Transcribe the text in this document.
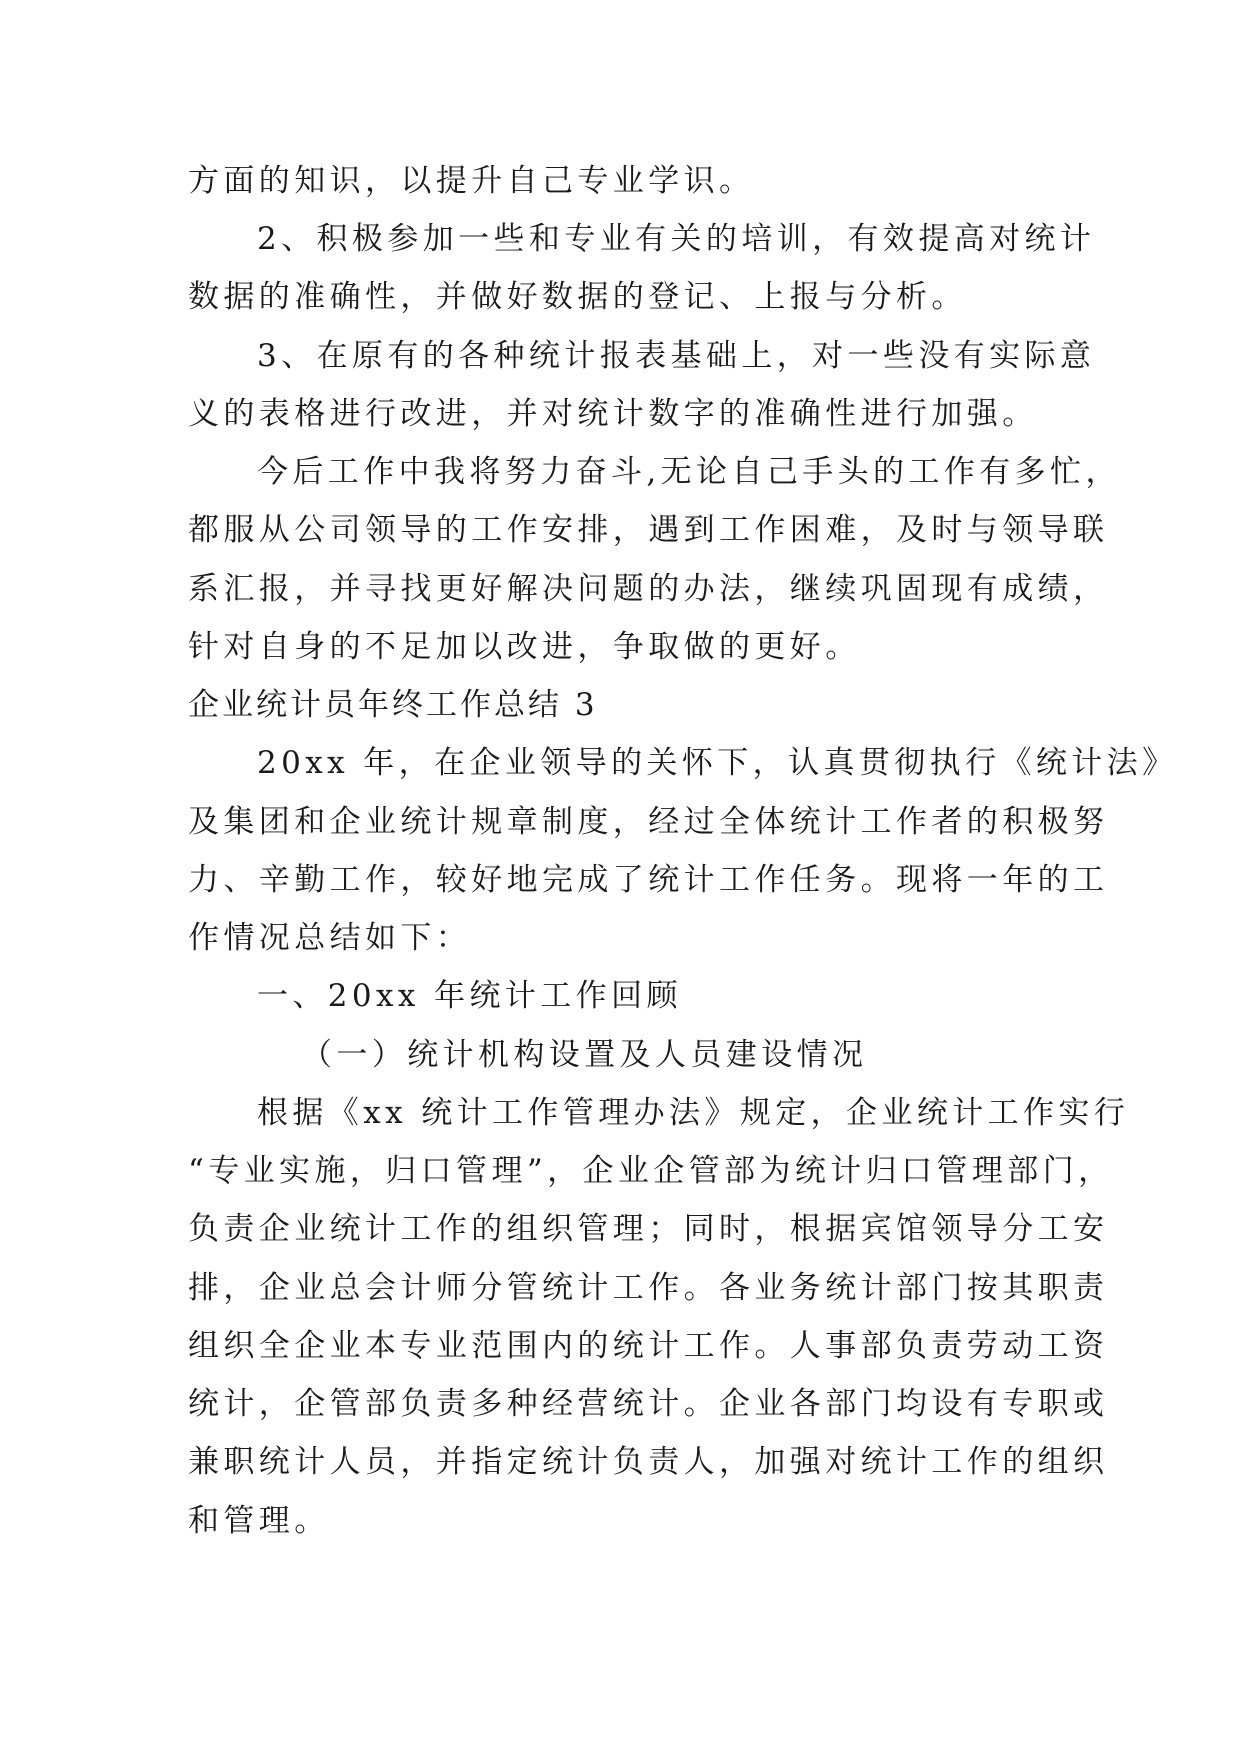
方面的知识，以提升自己专业学识。
2、积极参加一些和专业有关的培训，有效提高对统计
数据的准确性，并做好数据的登记、上报与分析。
3、在原有的各种统计报表基础上，对一些没有实际意
义的表格进行改进，并对统计数字的准确性进行加强。
今后工作中我将努力奋斗,无论自己手头的工作有多忙，
都服从公司领导的工作安排，遇到工作困难，及时与领导联
系汇报，并寻找更好解决问题的办法，继续巩固现有成绩，
针对自身的不足加以改进，争取做的更好。
企业统计员年终工作总结 3
20xx 年，在企业领导的关怀下，认真贯彻执行《统计法》
及集团和企业统计规章制度，经过全体统计工作者的积极努
力、辛勤工作，较好地完成了统计工作任务。现将一年的工
作情况总结如下：
一、20xx 年统计工作回顾
（一）统计机构设置及人员建设情况
根据《xx 统计工作管理办法》规定，企业统计工作实行
“专业实施，归口管理”，企业企管部为统计归口管理部门，
负责企业统计工作的组织管理；同时，根据宾馆领导分工安
排，企业总会计师分管统计工作。各业务统计部门按其职责
组织全企业本专业范围内的统计工作。人事部负责劳动工资
统计，企管部负责多种经营统计。企业各部门均设有专职或
兼职统计人员，并指定统计负责人，加强对统计工作的组织
和管理。
